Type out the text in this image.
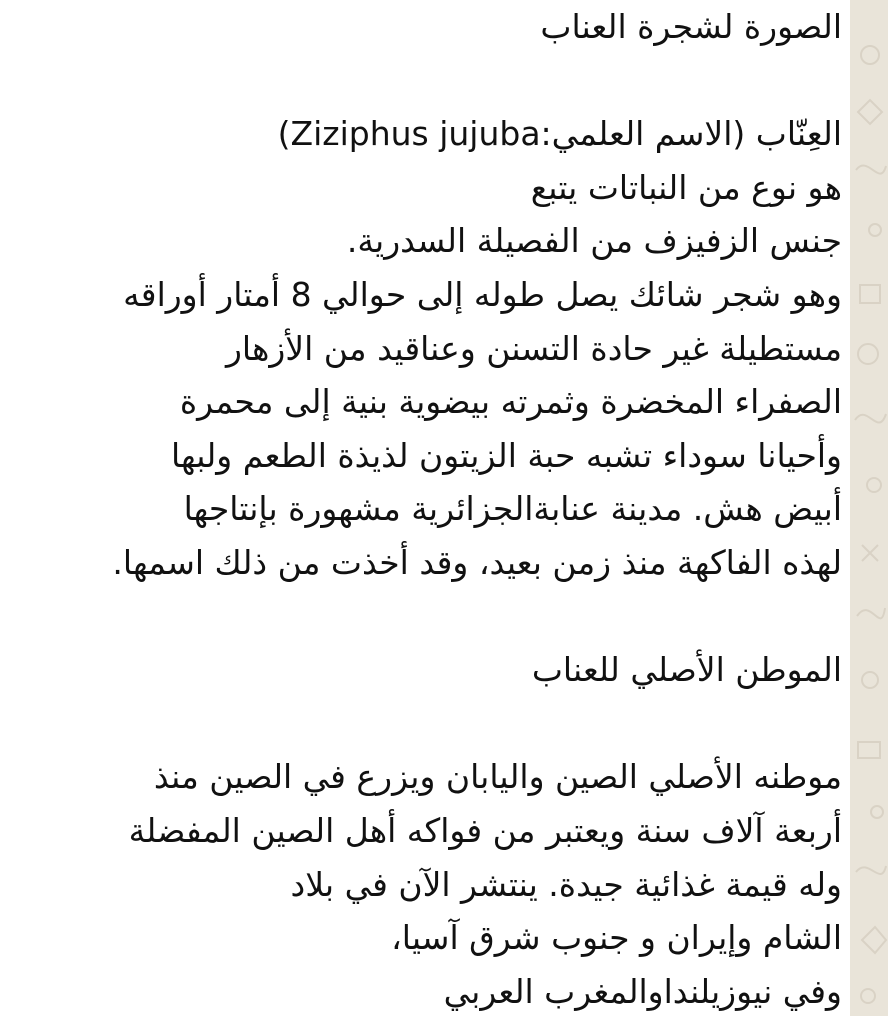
الصورة لشجرة العناب
العِنّاب (الاسم العلمي:Ziziphus jujuba)
هو نوع من النباتات يتبع
جنس الزفيزف من الفصيلة السدرية.
وهو شجر شائك يصل طوله إلى حوالي 8 أمتار أوراقه
مستطيلة غير حادة التسنن وعناقيد من الأزهار
الصفراء المخضرة وثمرته بيضوية بنية إلى محمرة
وأحيانا سوداء تشبه حبة الزيتون لذيذة الطعم ولبها
أبيض هش. مدينة عنابةالجزائرية مشهورة بإنتاجها
لهذه الفاكهة منذ زمن بعيد، وقد أخذت من ذلك اسمها.
الموطن الأصلي للعناب
موطنه الأصلي الصين واليابان ويزرع في الصين منذ
أربعة آلاف سنة ويعتبر من فواكه أهل الصين المفضلة
وله قيمة غذائية جيدة. ينتشر الآن في بلاد
الشام وإيران و جنوب شرق آسيا،
وفي نيوزيلنداوالمغرب العربي
